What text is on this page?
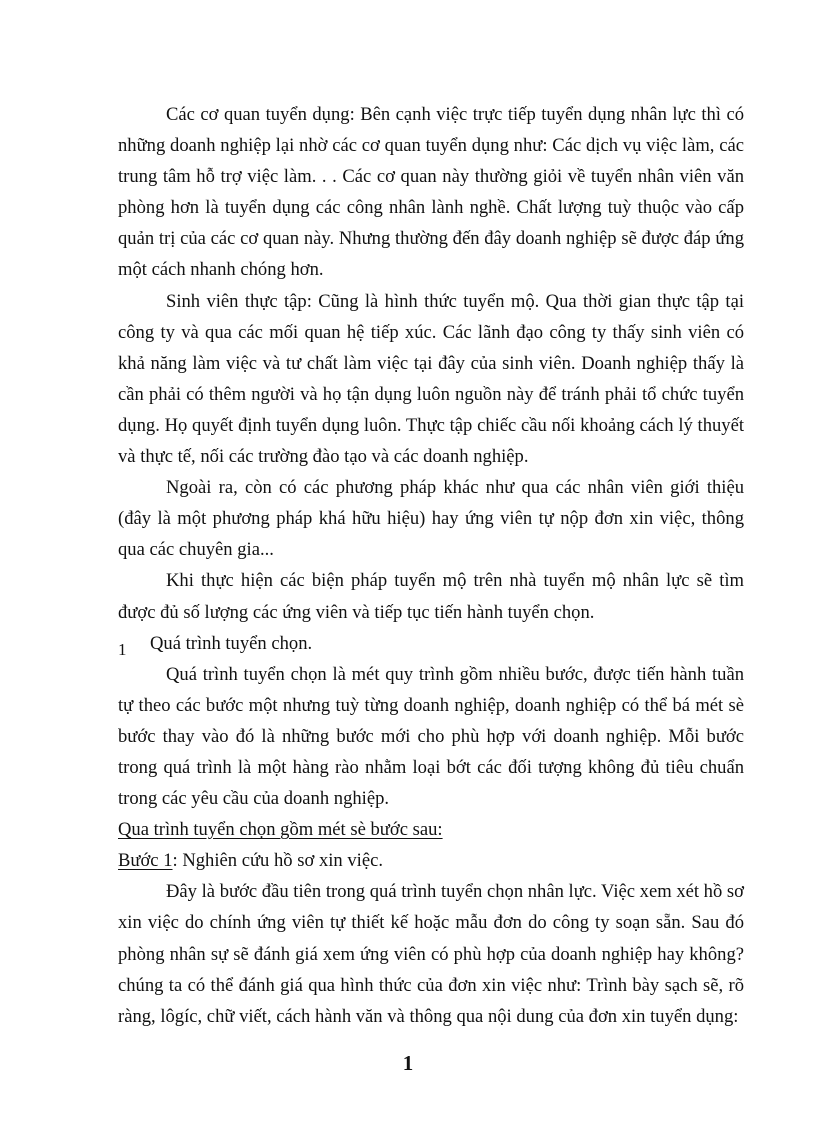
Các cơ quan tuyển dụng: Bên cạnh việc trực tiếp tuyển dụng nhân lực thì có những doanh nghiệp lại nhờ các cơ quan tuyển dụng như: Các dịch vụ việc làm, các trung tâm hỗ trợ việc làm. . . Các cơ quan này thường giỏi về tuyển nhân viên văn phòng hơn là tuyển dụng các công nhân lành nghề. Chất lượng tuỳ thuộc vào cấp quản trị của các cơ quan này. Nhưng thường đến đây doanh nghiệp sẽ được đáp ứng một cách nhanh chóng hơn.

Sinh viên thực tập: Cũng là hình thức tuyển mộ. Qua thời gian thực tập tại công ty và qua các mối quan hệ tiếp xúc. Các lãnh đạo công ty thấy sinh viên có khả năng làm việc và tư chất làm việc tại đây của sinh viên. Doanh nghiệp thấy là cần phải có thêm người và họ tận dụng luôn nguồn này để tránh phải tổ chức tuyển dụng. Họ quyết định tuyển dụng luôn. Thực tập chiếc cầu nối khoảng cách lý thuyết và thực tế, nối các trường đào tạo và các doanh nghiệp.

Ngoài ra, còn có các phương pháp khác như qua các nhân viên giới thiệu (đây là một phương pháp khá hữu hiệu) hay ứng viên tự nộp đơn xin việc, thông qua các chuyên gia...

Khi thực hiện các biện pháp tuyển mộ trên nhà tuyển mộ nhân lực sẽ tìm được đủ số lượng các ứng viên và tiếp tục tiến hành tuyển chọn.

1 Quá trình tuyển chọn.

Quá trình tuyển chọn là mét quy trình gồm nhiều bước, được tiến hành tuần tự theo các bước một nhưng tuỳ từng doanh nghiệp, doanh nghiệp có thể bá mét sè bước thay vào đó là những bước mới cho phù hợp với doanh nghiệp. Mỗi bước trong quá trình là một hàng rào nhằm loại bớt các đối tượng không đủ tiêu chuẩn trong các yêu cầu của doanh nghiệp.

Qua trình tuyển chọn gồm mét sè bước sau:

Bước 1: Nghiên cứu hồ sơ xin việc.

Đây là bước đầu tiên trong quá trình tuyển chọn nhân lực. Việc xem xét hồ sơ xin việc do chính ứng viên tự thiết kế hoặc mẫu đơn do công ty soạn sẵn. Sau đó phòng nhân sự sẽ đánh giá xem ứng viên có phù hợp của doanh nghiệp hay không? chúng ta có thể đánh giá qua hình thức của đơn xin việc như: Trình bày sạch sẽ, rõ ràng, lôgíc, chữ viết, cách hành văn và thông qua nội dung của đơn xin tuyển dụng:

1
